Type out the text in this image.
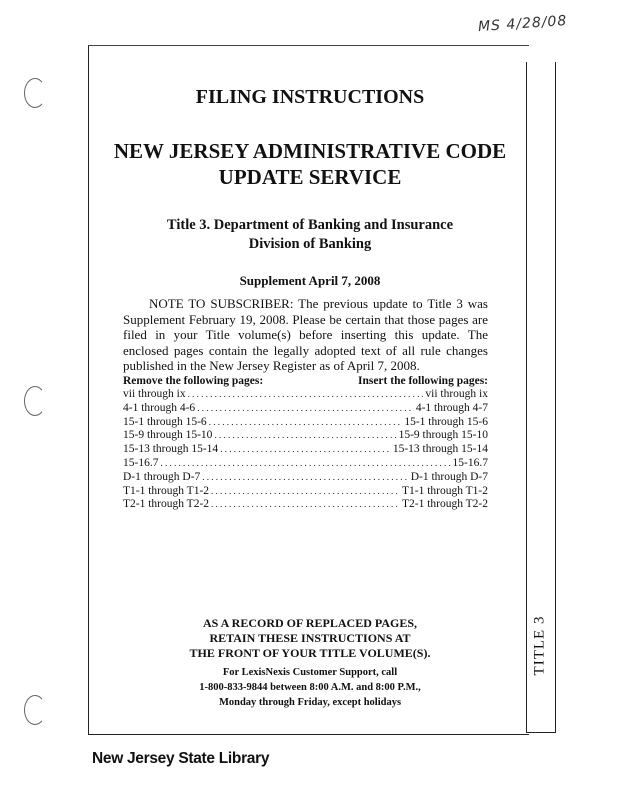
MS 4/28/08
TITLE 3
FILING INSTRUCTIONS
NEW JERSEY ADMINISTRATIVE CODE
UPDATE SERVICE
Title 3. Department of Banking and Insurance
Division of Banking
Supplement April 7, 2008
NOTE TO SUBSCRIBER: The previous update to Title 3 was Supplement February 19, 2008. Please be certain that those pages are filed in your Title volume(s) before inserting this update. The enclosed pages contain the legally adopted text of all rule changes published in the New Jersey Register as of April 7, 2008.
Remove the following pages:	Insert the following pages:
vii through ix . . .	vii through ix
4-1 through 4-6 . . .	4-1 through 4-7
15-1 through 15-6 . . .	15-1 through 15-6
15-9 through 15-10 . . .	15-9 through 15-10
15-13 through 15-14 . . .	15-13 through 15-14
15-16.7 . . .	15-16.7
D-1 through D-7 . . .	D-1 through D-7
T1-1 through T1-2 . . .	T1-1 through T1-2
T2-1 through T2-2 . . .	T2-1 through T2-2
AS A RECORD OF REPLACED PAGES,
RETAIN THESE INSTRUCTIONS AT
THE FRONT OF YOUR TITLE VOLUME(S).
For LexisNexis Customer Support, call
1-800-833-9844 between 8:00 A.M. and 8:00 P.M.,
Monday through Friday, except holidays
New Jersey State Library
